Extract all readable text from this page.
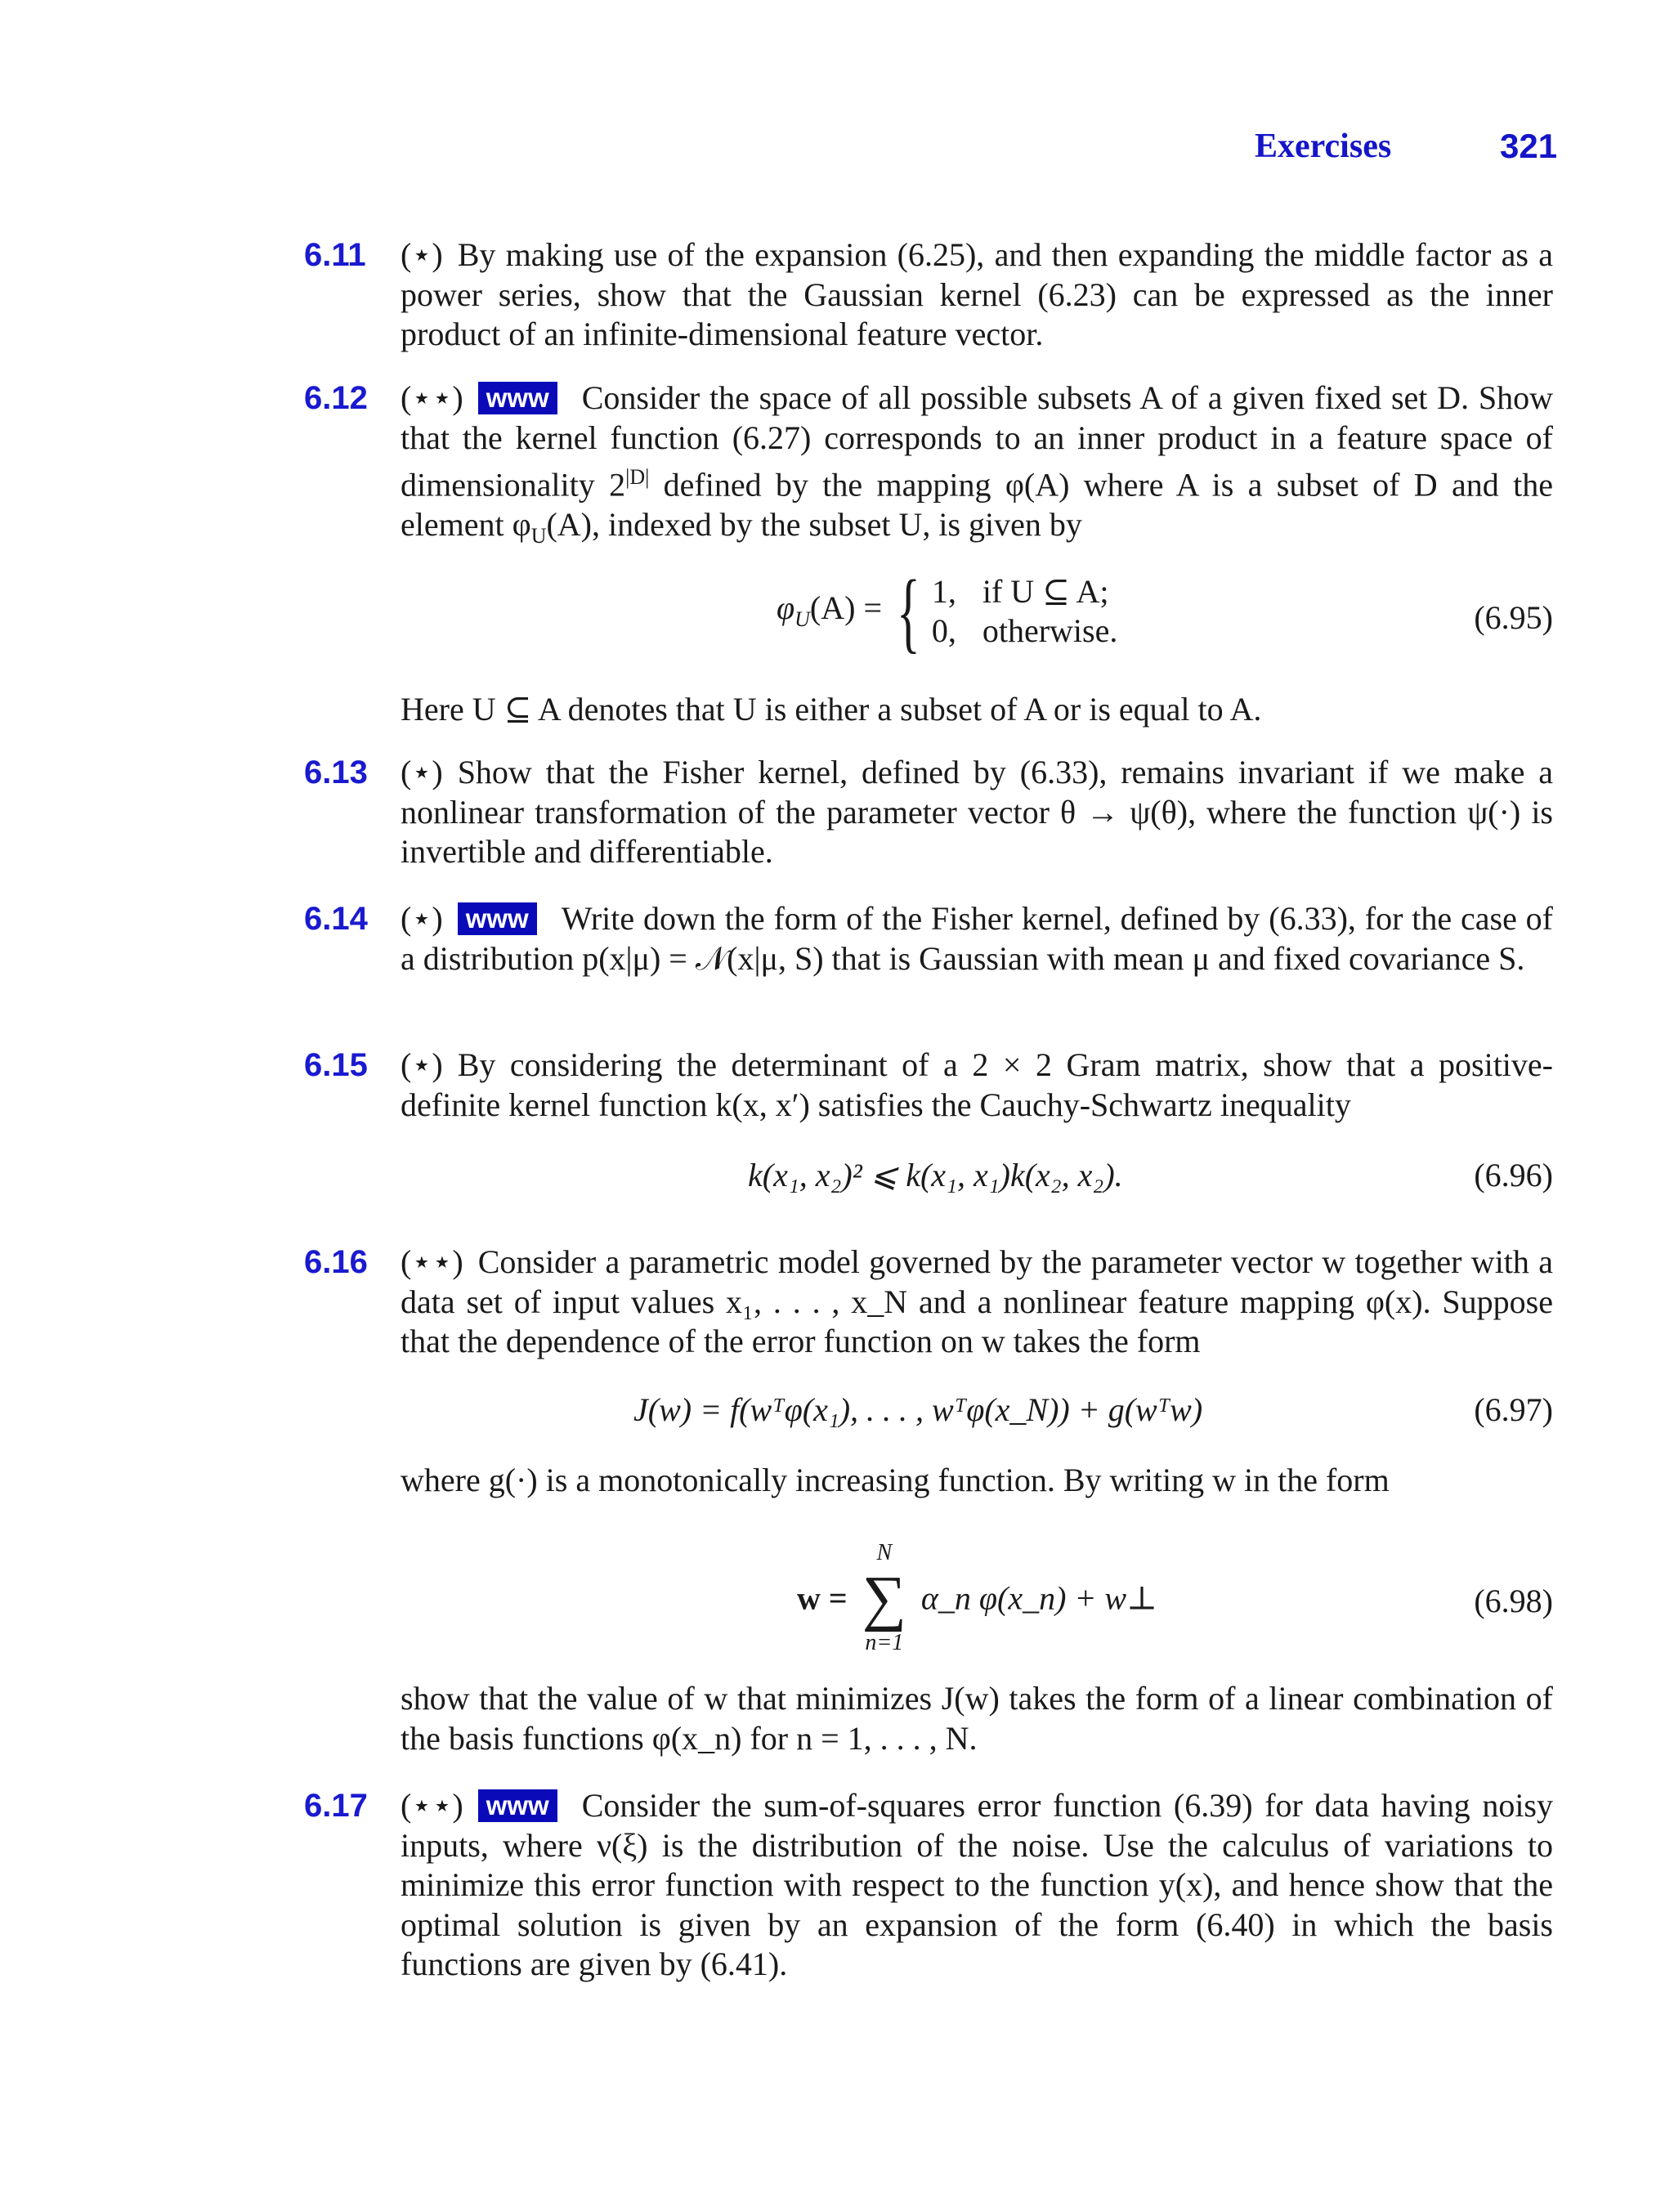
Exercises	321
6.11 (⋆) By making use of the expansion (6.25), and then expanding the middle factor as a power series, show that the Gaussian kernel (6.23) can be expressed as the inner product of an infinite-dimensional feature vector.

6.12 (⋆⋆) www Consider the space of all possible subsets A of a given fixed set D. Show that the kernel function (6.27) corresponds to an inner product in a feature space of dimensionality $2^{|D|}$ defined by the mapping φ(A) where A is a subset of D and the element $\varphi_U(A)$, indexed by the subset U, is given by

$\varphi_U(A)$ = { 1, if U ⊆ A;
0, otherwise.	(6.95)

Here U ⊆ A denotes that U is either a subset of A or is equal to A.

6.13 (⋆) Show that the Fisher kernel, defined by (6.33), remains invariant if we make a nonlinear transformation of the parameter vector θ → ψ(θ), where the function ψ(·) is invertible and differentiable.

6.14 (⋆) www Write down the form of the Fisher kernel, defined by (6.33), for the case of a distribution p(x|μ) = 𝒩(x|μ, S) that is Gaussian with mean μ and fixed covariance S.

6.15 (⋆) By considering the determinant of a 2 × 2 Gram matrix, show that a positive-definite kernel function k(x, x′) satisfies the Cauchy-Schwartz inequality

k(x₁, x₂)² ⩽ k(x₁, x₁)k(x₂, x₂).	(6.96)
6.16 (⋆⋆) Consider a parametric model governed by the parameter vector w together with a data set of input values x₁, . . . , x_N and a nonlinear feature mapping φ(x). Suppose that the dependence of the error function on w takes the form

J(w) = f(wᵀφ(x₁), . . . , wᵀφ(x_N)) + g(wᵀw)	(6.97)

where g(·) is a monotonically increasing function. By writing w in the form

w =
N
∑
n=1
α_n φ(x_n) + w⊥	(6.98)

show that the value of w that minimizes J(w) takes the form of a linear combination of the basis functions φ(x_n) for n = 1, . . . , N.

6.17 (⋆⋆) www Consider the sum-of-squares error function (6.39) for data having noisy inputs, where ν(ξ) is the distribution of the noise. Use the calculus of variations to minimize this error function with respect to the function y(x), and hence show that the optimal solution is given by an expansion of the form (6.40) in which the basis functions are given by (6.41).
